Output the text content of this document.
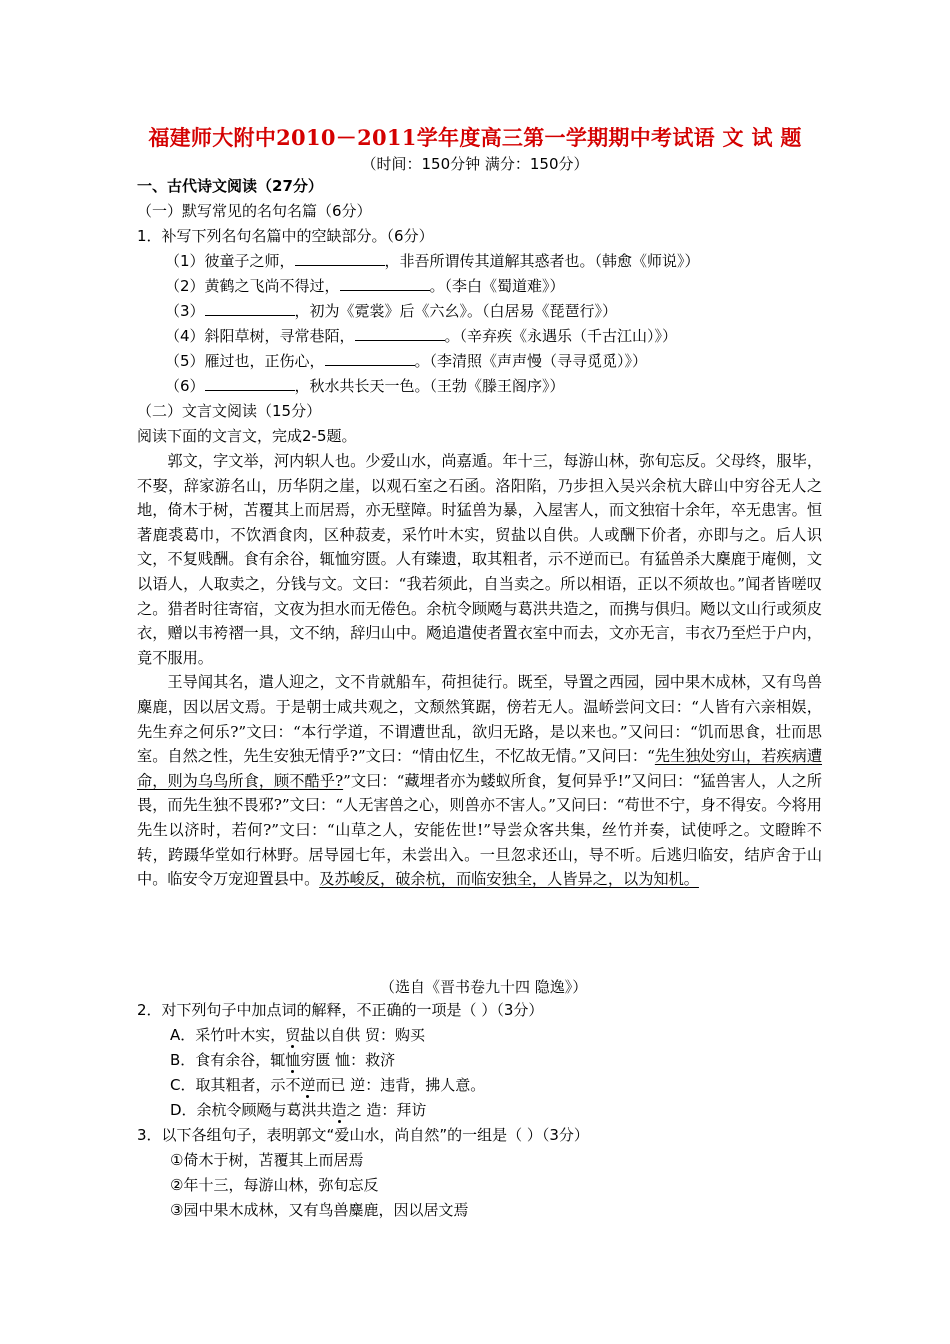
福建师大附中2010－2011学年度高三第一学期期中考试语 文 试 题
（时间：150分钟 满分：150分）
一、古代诗文阅读（27分）
（一）默写常见的名句名篇（6分）
1．补写下列名句名篇中的空缺部分。（6分）
（1）彼童子之师，	，非吾所谓传其道解其惑者也。（韩愈《师说》）
（2）黄鹤之飞尚不得过，	。（李白《蜀道难》）
（3）	，初为《霓裳》后《六幺》。（白居易《琵琶行》）
（4）斜阳草树，寻常巷陌，	。（辛弃疾《永遇乐（千古江山）》）
（5）雁过也，正伤心，	。（李清照《声声慢（寻寻觅觅）》）
（6）	，秋水共长天一色。（王勃《滕王阁序》）
（二）文言文阅读（15分）
阅读下面的文言文，完成2-5题。

郭文，字文举，河内轵人也。少爱山水，尚嘉遁。年十三，每游山林，弥旬忘反。父母终，服毕，不娶，辞家游名山，历华阴之崖，以观石室之石函。洛阳陷，乃步担入吴兴余杭大辟山中穷谷无人之地，倚木于树，苫覆其上而居焉，亦无壁障。时猛兽为暴，入屋害人，而文独宿十余年，卒无患害。恒著鹿裘葛巾，不饮酒食肉，区种菽麦，采竹叶木实，贸盐以自供。人或酬下价者，亦即与之。后人识文，不复贱酬。食有余谷，辄恤穷匮。人有臻遗，取其粗者，示不逆而已。有猛兽杀大麇鹿于庵侧，文以语人，人取卖之，分钱与文。文曰：“我若须此，自当卖之。所以相语，正以不须故也。”闻者皆嗟叹之。猎者时往寄宿，文夜为担水而无倦色。余杭令顾飏与葛洪共造之，而携与俱归。飏以文山行或须皮衣，赠以韦袴褶一具，文不纳，辞归山中。飏追遣使者置衣室中而去，文亦无言，韦衣乃至烂于户内，竟不服用。

王导闻其名，遣人迎之，文不肯就船车，荷担徒行。既至，导置之西园，园中果木成林，又有鸟兽麋鹿，因以居文焉。于是朝士咸共观之，文颓然箕踞，傍若无人。温峤尝问文曰：“人皆有六亲相娱，先生弃之何乐?”文曰：“本行学道，不谓遭世乱，欲归无路，是以来也。”又问曰：“饥而思食，壮而思室。自然之性，先生安独无情乎?”文曰：“情由忆生，不忆故无情。”又问曰：“先生独处穷山，若疾病遭命，则为乌鸟所食，顾不酷乎?”文曰：“藏埋者亦为蝼蚁所食，复何异乎!”又问曰：“猛兽害人，人之所畏，而先生独不畏邪?”文曰：“人无害兽之心，则兽亦不害人。”又问曰：“苟世不宁，身不得安。今将用先生以济时，若何?”文曰：“山草之人，安能佐世!”导尝众客共集，丝竹并奏，试使呼之。文瞪眸不转，跨蹑华堂如行林野。居导园七年，未尝出入。一旦忽求还山，导不听。后逃归临安，结庐舍于山中。临安令万宠迎置县中。及苏峻反，破余杭，而临安独全，人皆异之，以为知机。

（选自《晋书卷九十四 隐逸》）
2．对下列句子中加点词的解释，不正确的一项是（ ）（3分）
A．采竹叶木实，贸盐以自供 贸：购买
B．食有余谷，辄恤穷匮 恤：救济
C．取其粗者，示不逆而已 逆：违背，拂人意。
D．余杭令顾飏与葛洪共造之 造：拜访
3．以下各组句子，表明郭文“爱山水，尚自然”的一组是（ ）（3分）
①倚木于树，苫覆其上而居焉
②年十三，每游山林，弥旬忘反
③园中果木成林，又有鸟兽麋鹿，因以居文焉
